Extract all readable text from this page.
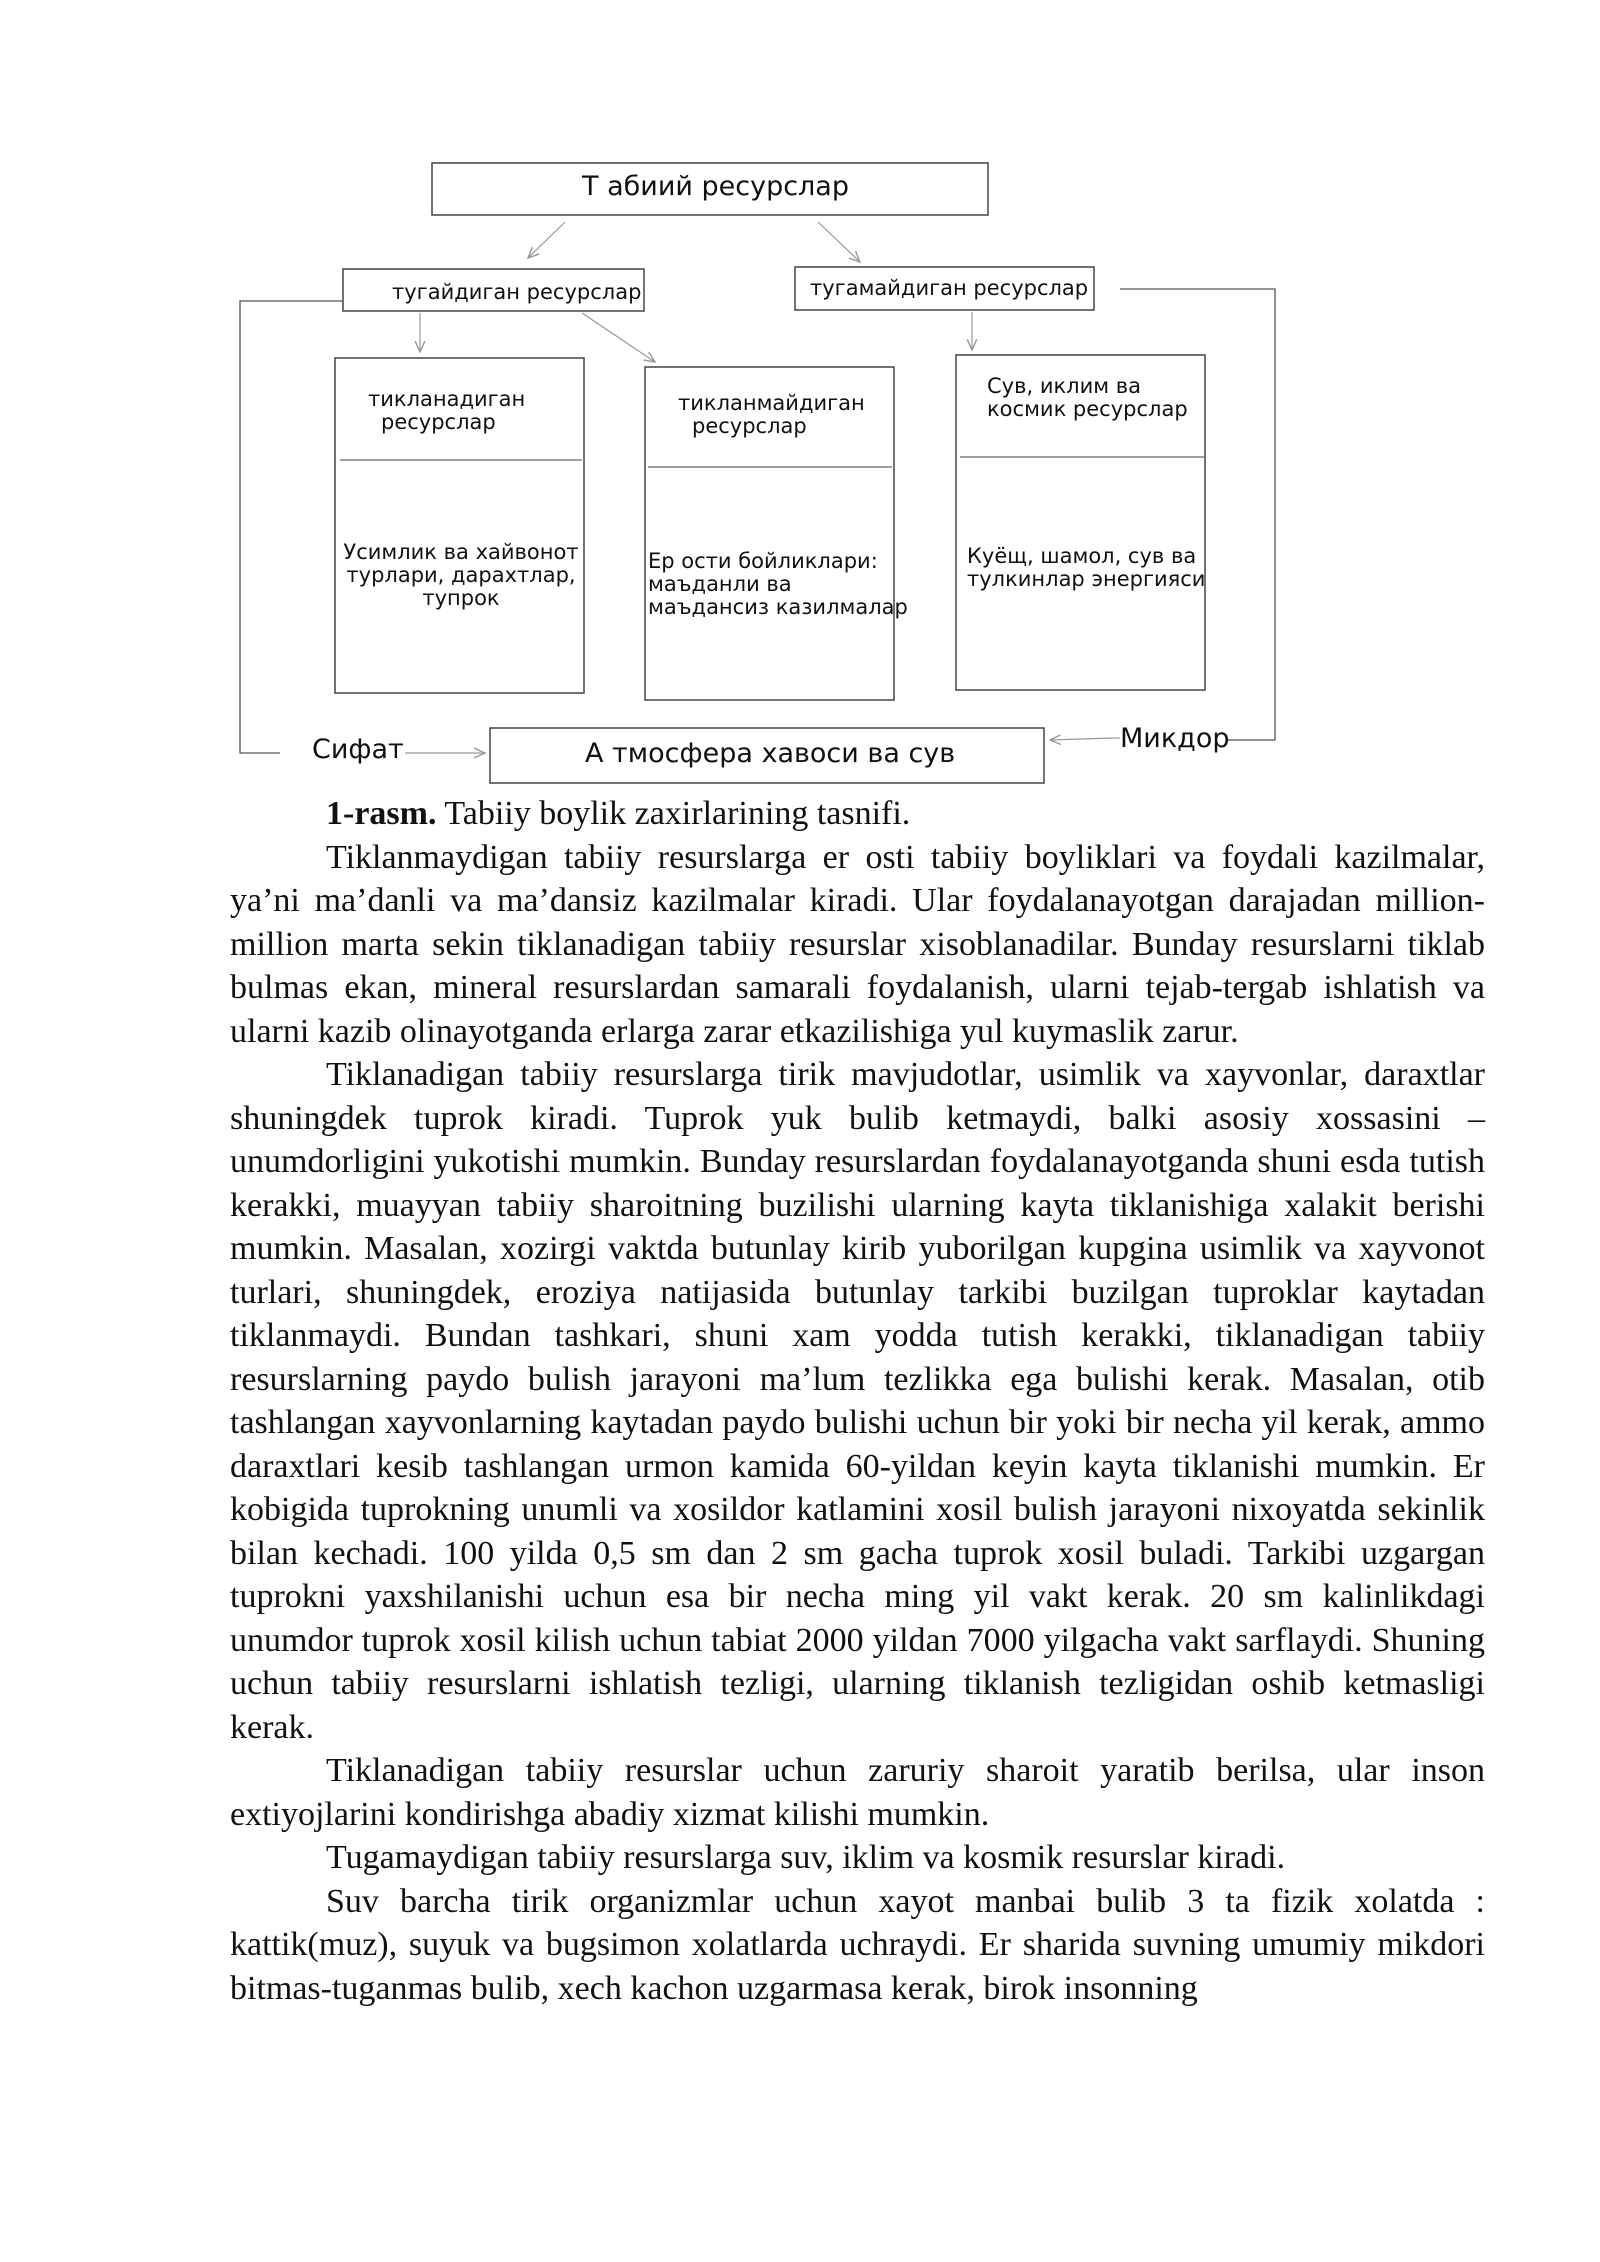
Т абиий ресурслар
тугайдиган ресурслар	тугамайдиган ресурслар
тикланадиган
ресурслар
тикланмайдиган
ресурслар
Сув, иклим ва
космик ресурслар
Усимлик ва хайвонот
турлари, дарахтлар,
тупрок
Ер ости бойликлари:
маъданли ва
маъдансиз казилмалар
Куёщ, шамол, сув ва
тулкинлар энергияси
А тмосфера хавоси ва сув
Сифат	Микдор

1-rasm. Tabiiy boylik zaxirlarining tasnifi.

Tiklanmaydigan tabiiy resurslarga er osti tabiiy boyliklari va foydali kazilmalar, ya’ni ma’danli va ma’dansiz kazilmalar kiradi. Ular foydalanayotgan darajadan million-million marta sekin tiklanadigan tabiiy resurslar xisoblanadilar. Bunday resurslarni tiklab bulmas ekan, mineral resurslardan samarali foydalanish, ularni tejab-tergab ishlatish va ularni kazib olinayotganda erlarga zarar etkazilishiga yul kuymaslik zarur.

Tiklanadigan tabiiy resurslarga tirik mavjudotlar, usimlik va xayvonlar, daraxtlar shuningdek tuprok kiradi. Tuprok yuk bulib ketmaydi, balki asosiy xossasini – unumdorligini yukotishi mumkin. Bunday resurslardan foydalanayotganda shuni esda tutish kerakki, muayyan tabiiy sharoitning buzilishi ularning kayta tiklanishiga xalakit berishi mumkin. Masalan, xozirgi vaktda butunlay kirib yuborilgan kupgina usimlik va xayvonot turlari, shuningdek, eroziya natijasida butunlay tarkibi buzilgan tuproklar kaytadan tiklanmaydi. Bundan tashkari, shuni xam yodda tutish kerakki, tiklanadigan tabiiy resurslarning paydo bulish jarayoni ma’lum tezlikka ega bulishi kerak. Masalan, otib tashlangan xayvonlarning kaytadan paydo bulishi uchun bir yoki bir necha yil kerak, ammo daraxtlari kesib tashlangan urmon kamida 60-yildan keyin kayta tiklanishi mumkin. Er kobigida tuprokning unumli va xosildor katlamini xosil bulish jarayoni nixoyatda sekinlik bilan kechadi. 100 yilda 0,5 sm dan 2 sm gacha tuprok xosil buladi. Tarkibi uzgargan tuprokni yaxshilanishi uchun esa bir necha ming yil vakt kerak. 20 sm kalinlikdagi unumdor tuprok xosil kilish uchun tabiat 2000 yildan 7000 yilgacha vakt sarflaydi. Shuning uchun tabiiy resurslarni ishlatish tezligi, ularning tiklanish tezligidan oshib ketmasligi kerak.

Tiklanadigan tabiiy resurslar uchun zaruriy sharoit yaratib berilsa, ular inson extiyojlarini kondirishga abadiy xizmat kilishi mumkin.

Tugamaydigan tabiiy resurslarga suv, iklim va kosmik resurslar kiradi.

Suv barcha tirik organizmlar uchun xayot manbai bulib 3 ta fizik xolatda : kattik(muz), suyuk va bugsimon xolatlarda uchraydi. Er sharida suvning umumiy mikdori bitmas-tuganmas bulib, xech kachon uzgarmasa kerak, birok insonning
